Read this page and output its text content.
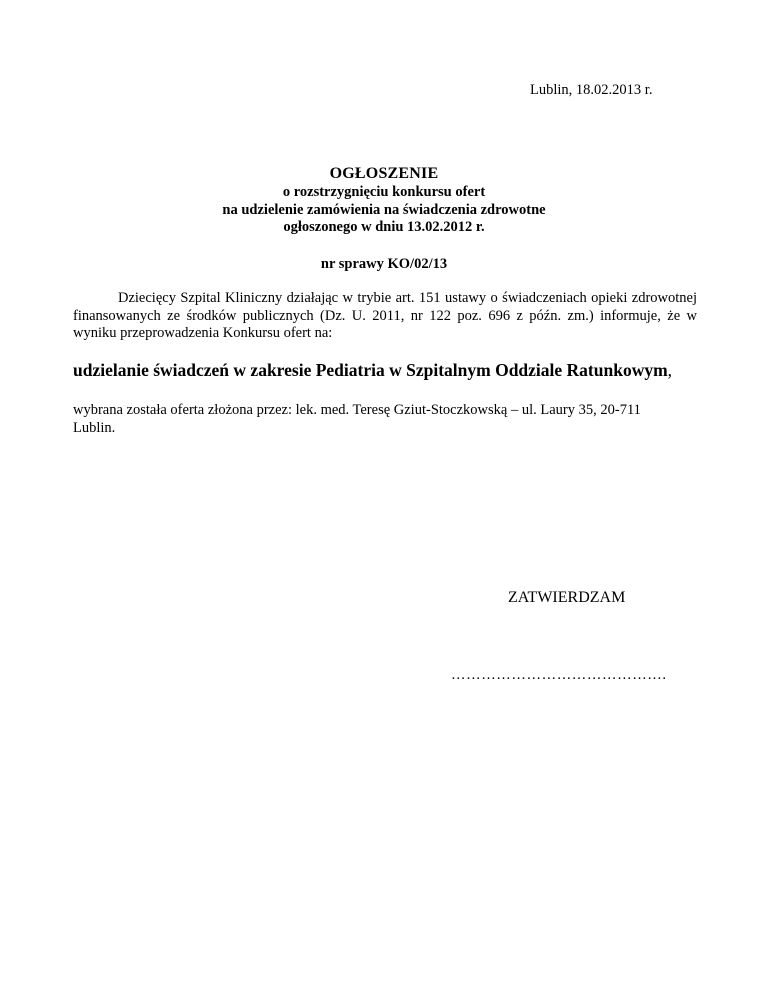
Lublin, 18.02.2013 r.
OGŁOSZENIE
o rozstrzygnięciu konkursu ofert
na udzielenie zamówienia na świadczenia zdrowotne
ogłoszonego w dniu 13.02.2012 r.
nr sprawy KO/02/13

Dziecięcy Szpital Kliniczny działając w trybie art. 151 ustawy o świadczeniach opieki zdrowotnej finansowanych ze środków publicznych (Dz. U. 2011, nr 122 poz. 696 z późn. zm.) informuje, że w wyniku przeprowadzenia Konkursu ofert na:

udzielanie świadczeń w zakresie Pediatria w Szpitalnym Oddziale Ratunkowym,

wybrana została oferta złożona przez: lek. med. Teresę Gziut-Stoczkowską – ul. Laury 35, 20-711
Lublin.

ZATWIERDZAM
…………………………………….
